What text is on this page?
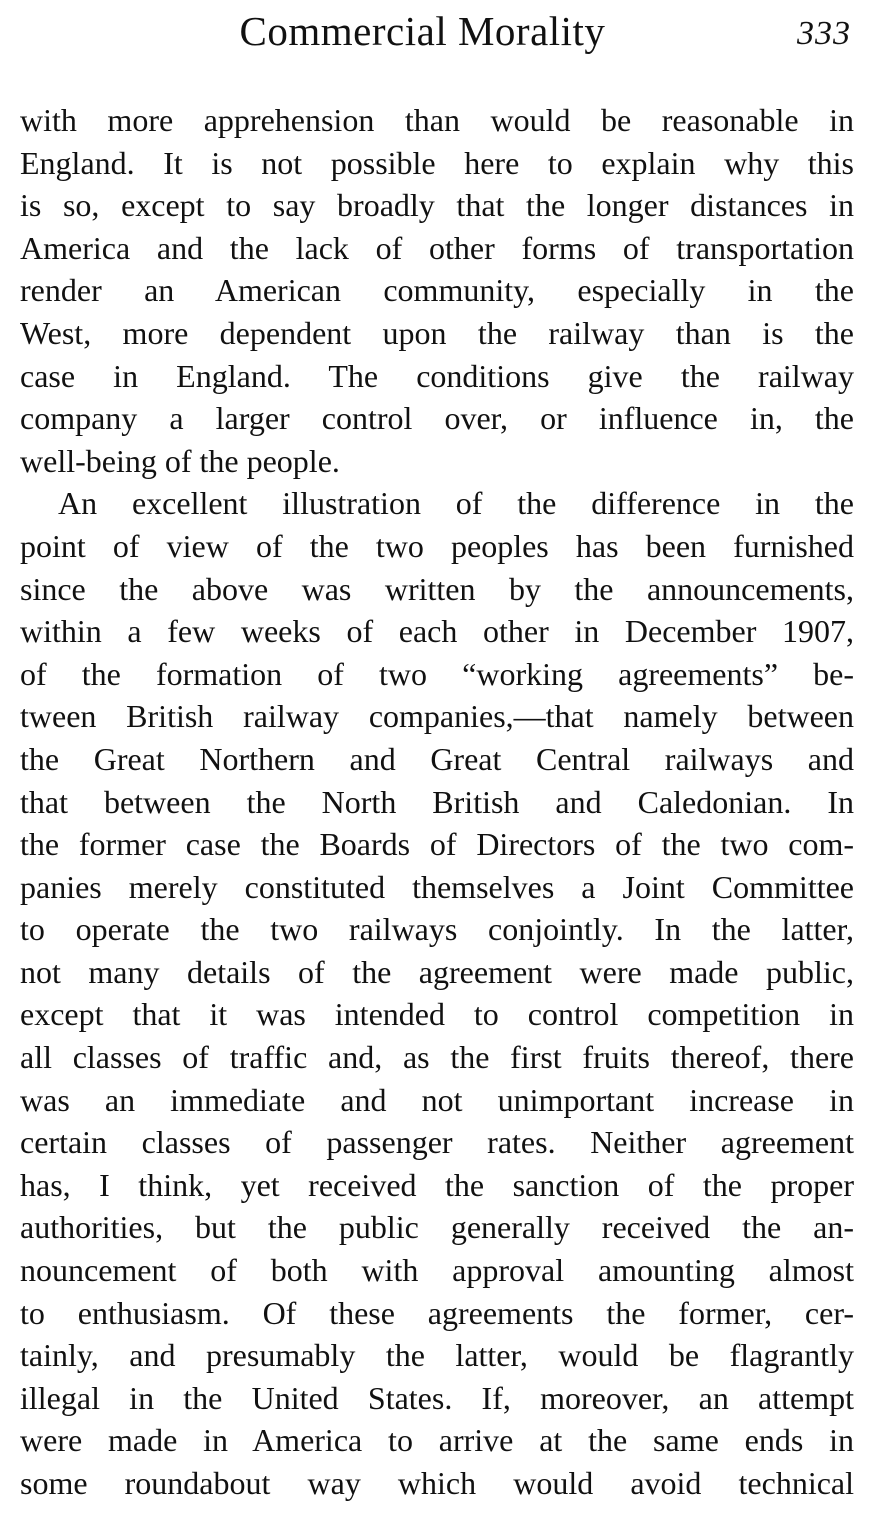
Commercial Morality	333
with more apprehension than would be reasonable in
England. It is not possible here to explain why this
is so, except to say broadly that the longer distances in
America and the lack of other forms of transportation
render an American community, especially in the
West, more dependent upon the railway than is the
case in England. The conditions give the railway
company a larger control over, or influence in, the
well-being of the people.
An excellent illustration of the difference in the
point of view of the two peoples has been furnished
since the above was written by the announcements,
within a few weeks of each other in December 1907,
of the formation of two “working agreements” be-
tween British railway companies,—that namely between
the Great Northern and Great Central railways and
that between the North British and Caledonian. In
the former case the Boards of Directors of the two com-
panies merely constituted themselves a Joint Committee
to operate the two railways conjointly. In the latter,
not many details of the agreement were made public,
except that it was intended to control competition in
all classes of traffic and, as the first fruits thereof, there
was an immediate and not unimportant increase in
certain classes of passenger rates. Neither agreement
has, I think, yet received the sanction of the proper
authorities, but the public generally received the an-
nouncement of both with approval amounting almost
to enthusiasm. Of these agreements the former, cer-
tainly, and presumably the latter, would be flagrantly
illegal in the United States. If, moreover, an attempt
were made in America to arrive at the same ends in
some roundabout way which would avoid technical
